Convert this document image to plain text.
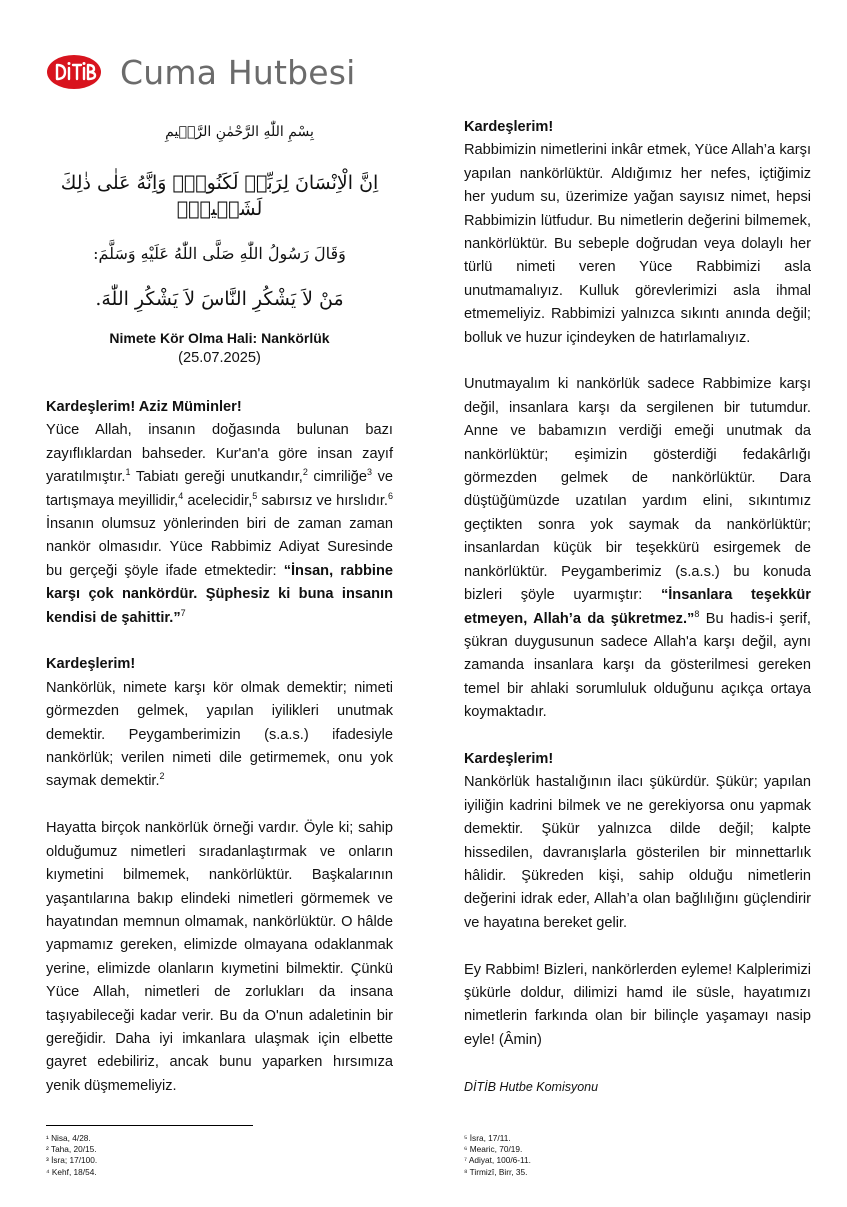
Cuma Hutbesi
بِسْمِ اللّٰهِ الرَّحْمٰنِ الرَّح۪يمِ
اِنَّ الْاِنْسَانَ لِرَبِّه۪ لَكَنُودٌۚ وَاِنَّهُ عَلٰى ذٰلِكَ لَشَه۪يدٌۚ
وَقَالَ رَسُولُ اللّٰهِ صَلَّى اللّٰهُ عَلَيْهِ وَسَلَّمَ:
مَنْ لاَ يَشْكُرِ النَّاسَ لاَ يَشْكُرِ اللّٰهَ.
Nimete Kör Olma Hali: Nankörlük
(25.07.2025)

Kardeşlerim! Aziz Müminler!
Yüce Allah, insanın doğasında bulunan bazı zayıflıklardan bahseder. Kur'an'a göre insan zayıf yaratılmıştır.$^1$ Tabiatı gereği unutkandır,$^2$ cimriliğe$^3$ ve tartışmaya meyillidir,$^4$ acelecidir,$^5$ sabırsız ve hırslıdır.$^6$ İnsanın olumsuz yönlerinden biri de zaman zaman nankör olmasıdır. Yüce Rabbimiz Adiyat Suresinde bu gerçeği şöyle ifade etmektedir: “İnsan, rabbine karşı çok nankördür. Şüphesiz ki buna insanın kendisi de şahittir.”$^7$

Kardeşlerim!
Nankörlük, nimete karşı kör olmak demektir; nimeti görmezden gelmek, yapılan iyilikleri unutmak demektir. Peygamberimizin (s.a.s.) ifadesiyle nankörlük; verilen nimeti dile getirmemek, onu yok saymak demektir.$^2$

Hayatta birçok nankörlük örneği vardır. Öyle ki; sahip olduğumuz nimetleri sıradanlaştırmak ve onların kıymetini bilmemek, nankörlüktür. Başkalarının yaşantılarına bakıp elindeki nimetleri görmemek ve hayatından memnun olmamak, nankörlüktür. O hâlde yapmamız gereken, elimizde olmayana odaklanmak yerine, elimizde olanların kıymetini bilmektir. Çünkü Yüce Allah, nimetleri de zorlukları da insana taşıyabileceği kadar verir. Bu da O'nun adaletinin bir gereğidir. Daha iyi imkanlara ulaşmak için elbette gayret edebiliriz, ancak bunu yaparken hırsımıza yenik düşmemeliyiz.

Kardeşlerim!
Rabbimizin nimetlerini inkâr etmek, Yüce Allah’a karşı yapılan nankörlüktür. Aldığımız her nefes, içtiğimiz her yudum su, üzerimize yağan sayısız nimet, hepsi Rabbimizin lütfudur. Bu nimetlerin değerini bilmemek, nankörlüktür. Bu sebeple doğrudan veya dolaylı her türlü nimeti veren Yüce Rabbimizi asla unutmamalıyız. Kulluk görevlerimizi asla ihmal etmemeliyiz. Rabbimizi yalnızca sıkıntı anında değil; bolluk ve huzur içindeyken de hatırlamalıyız.

Unutmayalım ki nankörlük sadece Rabbimize karşı değil, insanlara karşı da sergilenen bir tutumdur. Anne ve babamızın verdiği emeği unutmak da nankörlüktür; eşimizin gösterdiği fedakârlığı görmezden gelmek de nankörlüktür. Dara düştüğümüzde uzatılan yardım elini, sıkıntımız geçtikten sonra yok saymak da nankörlüktür; insanlardan küçük bir teşekkürü esirgemek de nankörlüktür. Peygamberimiz (s.a.s.) bu konuda bizleri şöyle uyarmıştır: “İnsanlara teşekkür etmeyen, Allah’a da şükretmez.”$^8$ Bu hadis-i şerif, şükran duygusunun sadece Allah'a karşı değil, aynı zamanda insanlara karşı da gösterilmesi gereken temel bir ahlaki sorumluluk olduğunu açıkça ortaya koymaktadır.

Kardeşlerim!
Nankörlük hastalığının ilacı şükürdür. Şükür; yapılan iyiliğin kadrini bilmek ve ne gerekiyorsa onu yapmak demektir. Şükür yalnızca dilde değil; kalpte hissedilen, davranışlarla gösterilen bir minnettarlık hâlidir. Şükreden kişi, sahip olduğu nimetlerin değerini idrak eder, Allah’a olan bağlılığını güçlendirir ve hayatına bereket gelir.

Ey Rabbim! Bizleri, nankörlerden eyleme! Kalplerimizi şükürle doldur, dilimizi hamd ile süsle, hayatımızı nimetlerin farkında olan bir bilinçle yaşamayı nasip eyle! (Âmin)

DİTİB Hutbe Komisyonu
¹ Nisa, 4/28.
² Taha, 20/15.
³ İsra; 17/100.
⁴ Kehf, 18/54.
⁵ İsra, 17/11.
⁶ Mearic, 70/19.
⁷ Adiyat, 100/6-11.
⁸ Tirmizî, Birr, 35.
